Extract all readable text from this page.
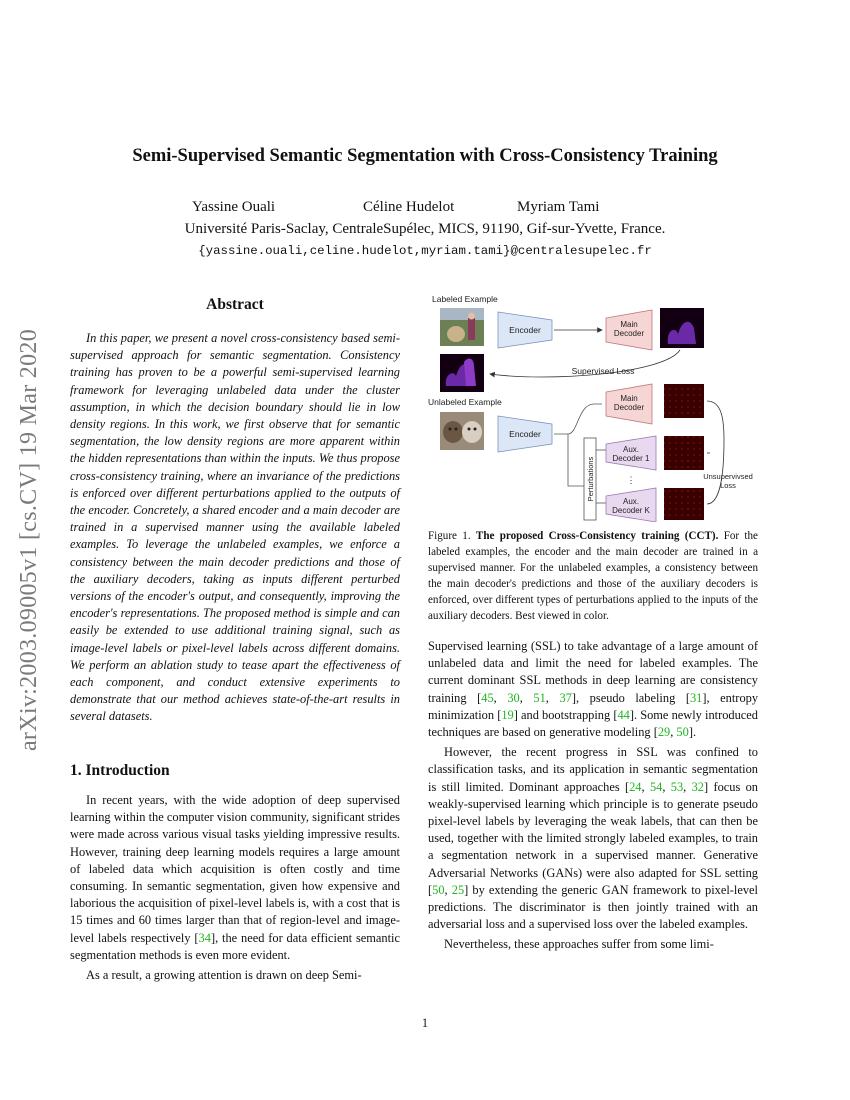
Semi-Supervised Semantic Segmentation with Cross-Consistency Training
Yassine Ouali	Céline Hudelot	Myriam Tami
Université Paris-Saclay, CentraleSupélec, MICS, 91190, Gif-sur-Yvette, France.
{yassine.ouali,celine.hudelot,myriam.tami}@centralesupelec.fr
arXiv:2003.09005v1 [cs.CV] 19 Mar 2020
Abstract
In this paper, we present a novel cross-consistency based semi-supervised approach for semantic segmentation. Consistency training has proven to be a powerful semi-supervised learning framework for leveraging unlabeled data under the cluster assumption, in which the decision boundary should lie in low density regions. In this work, we first observe that for semantic segmentation, the low density regions are more apparent within the hidden representations than within the inputs. We thus propose cross-consistency training, where an invariance of the predictions is enforced over different perturbations applied to the outputs of the encoder. Concretely, a shared encoder and a main decoder are trained in a supervised manner using the available labeled examples. To leverage the unlabeled examples, we enforce a consistency between the main decoder predictions and those of the auxiliary decoders, taking as inputs different perturbed versions of the encoder's output, and consequently, improving the encoder's representations. The proposed method is simple and can easily be extended to use additional training signal, such as image-level labels or pixel-level labels across different domains. We perform an ablation study to tease apart the effectiveness of each component, and conduct extensive experiments to demonstrate that our method achieves state-of-the-art results in several datasets.
1. Introduction

In recent years, with the wide adoption of deep supervised learning within the computer vision community, significant strides were made across various visual tasks yielding impressive results. However, training deep learning models requires a large amount of labeled data which acquisition is often costly and time consuming. In semantic segmentation, given how expensive and laborious the acquisition of pixel-level labels is, with a cost that is 15 times and 60 times larger than that of region-level and image-level labels respectively [34], the need for data efficient semantic segmentation methods is even more evident.

As a result, a growing attention is drawn on deep Semi-

Labeled Example
Unlabeled Example
Encoder
Main
Decoder
Supervised Loss
Encoder
Perturbations
Main
Decoder
Aux.
Decoder 1
⋮
Aux.
Decoder K
Unsupervivsed
Loss
Figure 1. The proposed Cross-Consistency training (CCT). For the labeled examples, the encoder and the main decoder are trained in a supervised manner. For the unlabeled examples, a consistency between the main decoder's predictions and those of the auxiliary decoders is enforced, over different types of perturbations applied to the inputs of the auxiliary decoders. Best viewed in color.

Supervised learning (SSL) to take advantage of a large amount of unlabeled data and limit the need for labeled examples. The current dominant SSL methods in deep learning are consistency training [45, 30, 51, 37], pseudo labeling [31], entropy minimization [19] and bootstrapping [44]. Some newly introduced techniques are based on generative modeling [29, 50].

However, the recent progress in SSL was confined to classification tasks, and its application in semantic segmentation is still limited. Dominant approaches [24, 54, 53, 32] focus on weakly-supervised learning which principle is to generate pseudo pixel-level labels by leveraging the weak labels, that can then be used, together with the limited strongly labeled examples, to train a segmentation network in a supervised manner. Generative Adversarial Networks (GANs) were also adapted for SSL setting [50, 25] by extending the generic GAN framework to pixel-level predictions. The discriminator is then jointly trained with an adversarial loss and a supervised loss over the labeled examples.

Nevertheless, these approaches suffer from some limi-

1
